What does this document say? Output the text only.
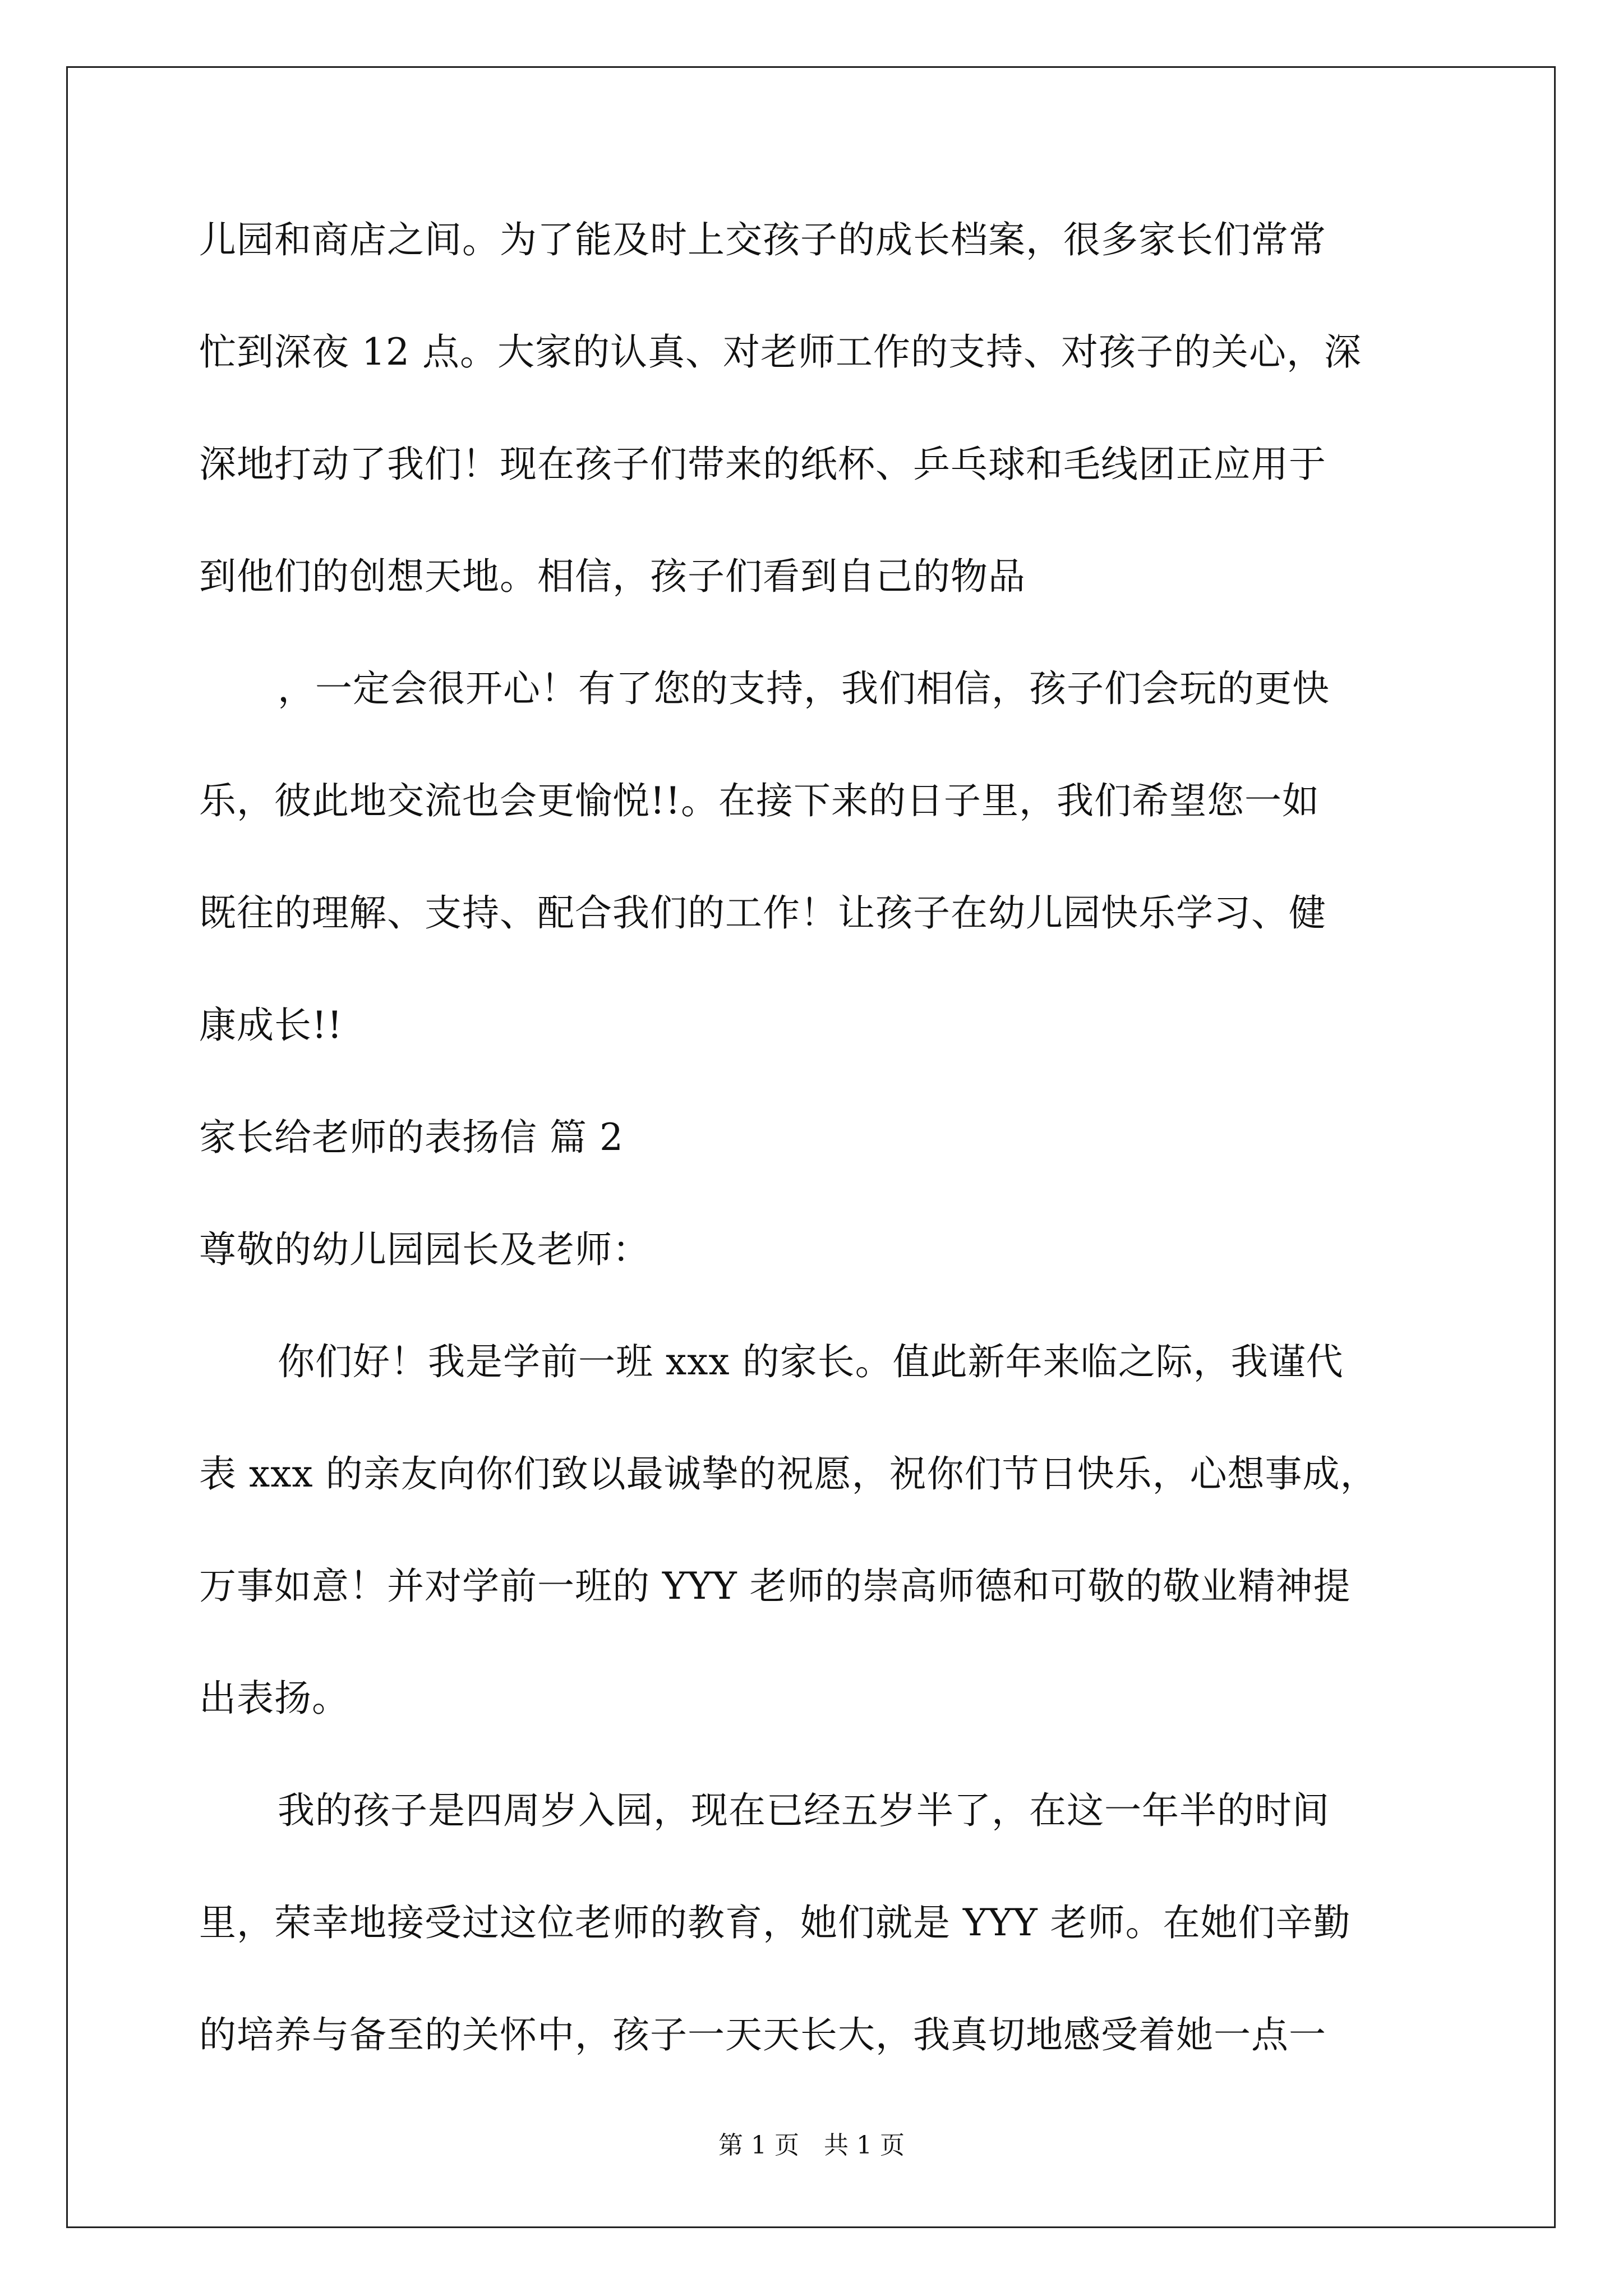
儿园和商店之间。为了能及时上交孩子的成长档案，很多家长们常常
忙到深夜 12 点。大家的认真、对老师工作的支持、对孩子的关心，深
深地打动了我们！现在孩子们带来的纸杯、乒乓球和毛线团正应用于
到他们的创想天地。相信，孩子们看到自己的物品
，一定会很开心！有了您的支持，我们相信，孩子们会玩的更快
乐，彼此地交流也会更愉悦!!。在接下来的日子里，我们希望您一如
既往的理解、支持、配合我们的工作！让孩子在幼儿园快乐学习、健
康成长!!
家长给老师的表扬信 篇 2
尊敬的幼儿园园长及老师：
你们好！我是学前一班 xxx 的家长。值此新年来临之际，我谨代
表 xxx 的亲友向你们致以最诚挚的祝愿，祝你们节日快乐，心想事成，
万事如意！并对学前一班的 YYY 老师的崇高师德和可敬的敬业精神提
出表扬。
我的孩子是四周岁入园，现在已经五岁半了，在这一年半的时间
里，荣幸地接受过这位老师的教育，她们就是 YYY 老师。在她们辛勤
的培养与备至的关怀中，孩子一天天长大，我真切地感受着她一点一
第 1 页　共 1 页
